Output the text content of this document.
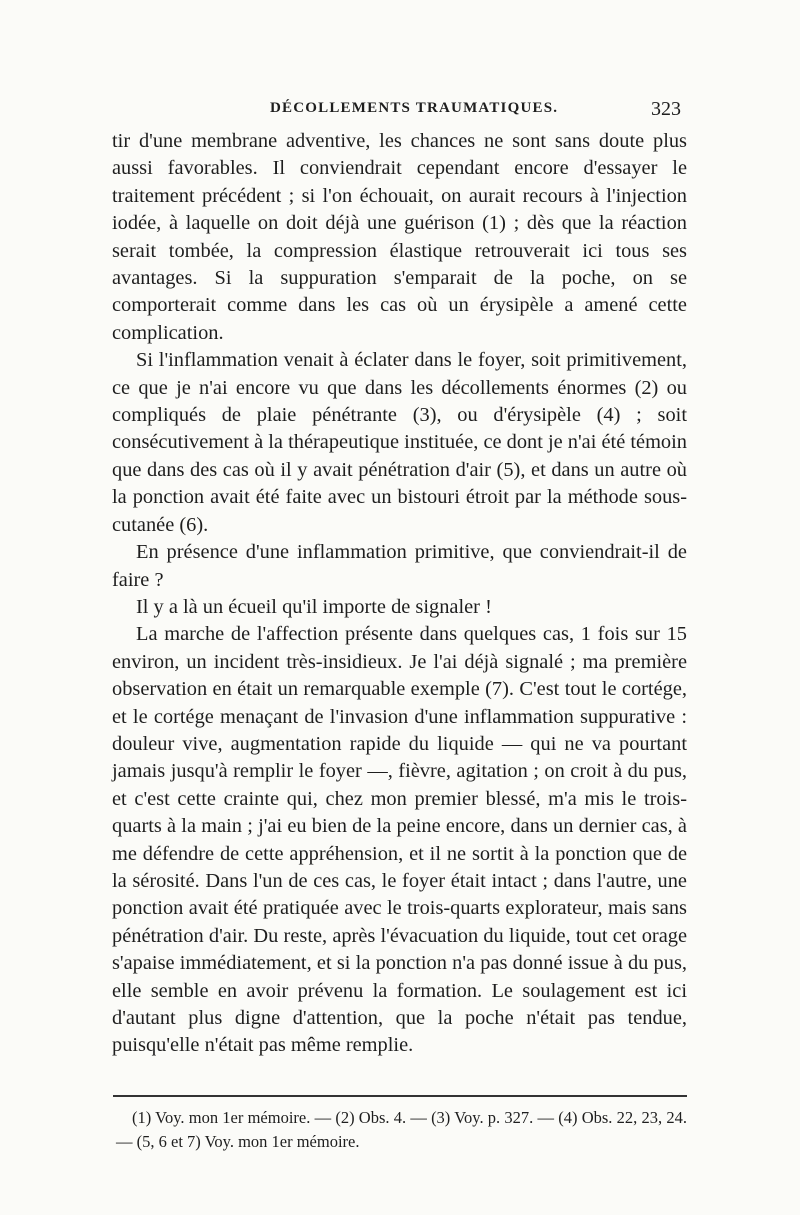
DÉCOLLEMENTS TRAUMATIQUES.	323

tir d'une membrane adventive, les chances ne sont sans doute plus aussi favorables. Il conviendrait cependant encore d'essayer le traitement précédent ; si l'on échouait, on aurait recours à l'injection iodée, à laquelle on doit déjà une guérison (1) ; dès que la réaction serait tombée, la compression élastique retrouverait ici tous ses avantages. Si la suppuration s'emparait de la poche, on se comporterait comme dans les cas où un érysipèle a amené cette complication.

Si l'inflammation venait à éclater dans le foyer, soit primitivement, ce que je n'ai encore vu que dans les décollements énormes (2) ou compliqués de plaie pénétrante (3), ou d'érysipèle (4) ; soit consécutivement à la thérapeutique instituée, ce dont je n'ai été témoin que dans des cas où il y avait pénétration d'air (5), et dans un autre où la ponction avait été faite avec un bistouri étroit par la méthode sous-cutanée (6).

En présence d'une inflammation primitive, que conviendrait-il de faire ?

Il y a là un écueil qu'il importe de signaler !

La marche de l'affection présente dans quelques cas, 1 fois sur 15 environ, un incident très-insidieux. Je l'ai déjà signalé ; ma première observation en était un remarquable exemple (7). C'est tout le cortége, et le cortége menaçant de l'invasion d'une inflammation suppurative : douleur vive, augmentation rapide du liquide — qui ne va pourtant jamais jusqu'à remplir le foyer —, fièvre, agitation ; on croit à du pus, et c'est cette crainte qui, chez mon premier blessé, m'a mis le trois-quarts à la main ; j'ai eu bien de la peine encore, dans un dernier cas, à me défendre de cette appréhension, et il ne sortit à la ponction que de la sérosité. Dans l'un de ces cas, le foyer était intact ; dans l'autre, une ponction avait été pratiquée avec le trois-quarts explorateur, mais sans pénétration d'air. Du reste, après l'évacuation du liquide, tout cet orage s'apaise immédiatement, et si la ponction n'a pas donné issue à du pus, elle semble en avoir prévenu la formation. Le soulagement est ici d'autant plus digne d'attention, que la poche n'était pas tendue, puisqu'elle n'était pas même remplie.

(1) Voy. mon 1er mémoire. — (2) Obs. 4. — (3) Voy. p. 327. — (4) Obs. 22, 23, 24. — (5, 6 et 7) Voy. mon 1er mémoire.
